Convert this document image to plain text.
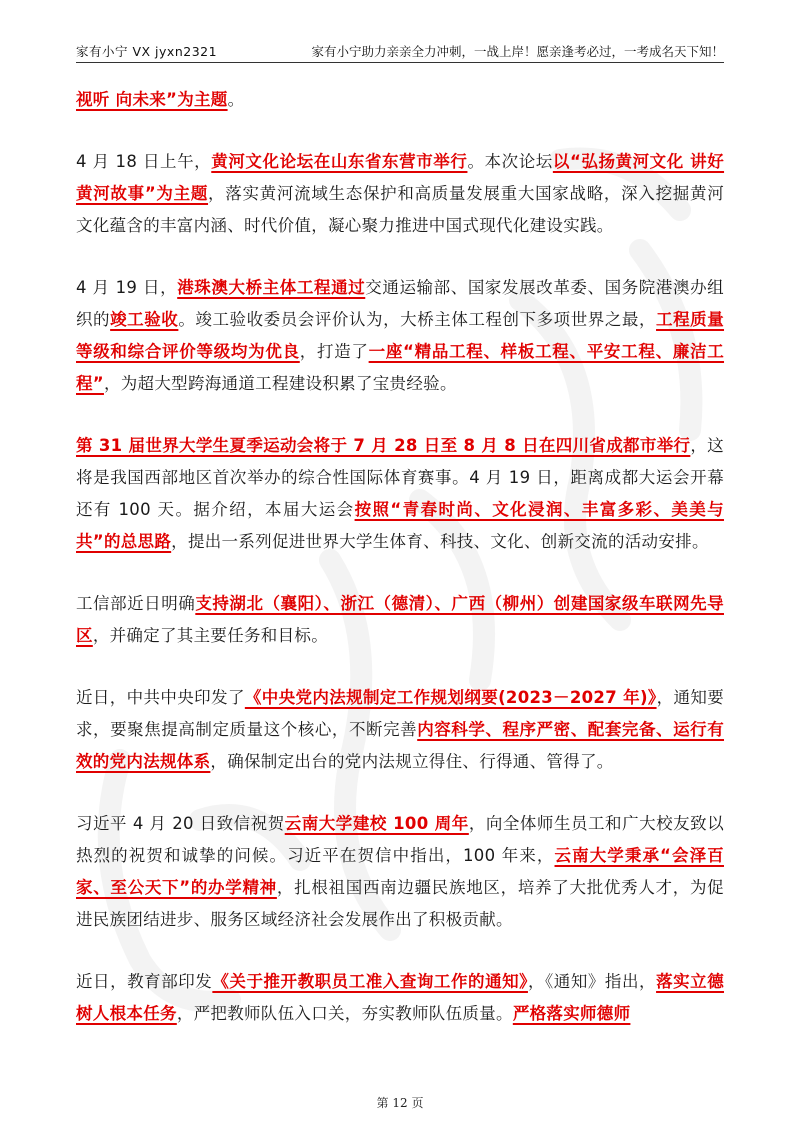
家有小宁 VX jyxn2321	家有小宁助力亲亲全力冲刺，一战上岸！愿亲逢考必过，一考成名天下知！

视听 向未来”为主题。

4 月 18 日上午，黄河文化论坛在山东省东营市举行。本次论坛以“弘扬黄河文化 讲好黄河故事”为主题，落实黄河流域生态保护和高质量发展重大国家战略，深入挖掘黄河文化蕴含的丰富内涵、时代价值，凝心聚力推进中国式现代化建设实践。

4 月 19 日，港珠澳大桥主体工程通过交通运输部、国家发展改革委、国务院港澳办组织的竣工验收。竣工验收委员会评价认为，大桥主体工程创下多项世界之最，工程质量等级和综合评价等级均为优良，打造了一座“精品工程、样板工程、平安工程、廉洁工程”，为超大型跨海通道工程建设积累了宝贵经验。

第 31 届世界大学生夏季运动会将于 7 月 28 日至 8 月 8 日在四川省成都市举行，这将是我国西部地区首次举办的综合性国际体育赛事。4 月 19 日，距离成都大运会开幕还有 100 天。据介绍，本届大运会按照“青春时尚、文化浸润、丰富多彩、美美与共”的总思路，提出一系列促进世界大学生体育、科技、文化、创新交流的活动安排。

工信部近日明确支持湖北（襄阳）、浙江（德清）、广西（柳州）创建国家级车联网先导区，并确定了其主要任务和目标。

近日，中共中央印发了《中央党内法规制定工作规划纲要(2023－2027 年)》，通知要求，要聚焦提高制定质量这个核心，不断完善内容科学、程序严密、配套完备、运行有效的党内法规体系，确保制定出台的党内法规立得住、行得通、管得了。

习近平 4 月 20 日致信祝贺云南大学建校 100 周年，向全体师生员工和广大校友致以热烈的祝贺和诚挚的问候。习近平在贺信中指出，100 年来，云南大学秉承“会泽百家、至公天下”的办学精神，扎根祖国西南边疆民族地区，培养了大批优秀人才，为促进民族团结进步、服务区域经济社会发展作出了积极贡献。

近日，教育部印发《关于推开教职员工准入查询工作的通知》，《通知》指出，落实立德树人根本任务，严把教师队伍入口关，夯实教师队伍质量。严格落实师德师

第 12 页
